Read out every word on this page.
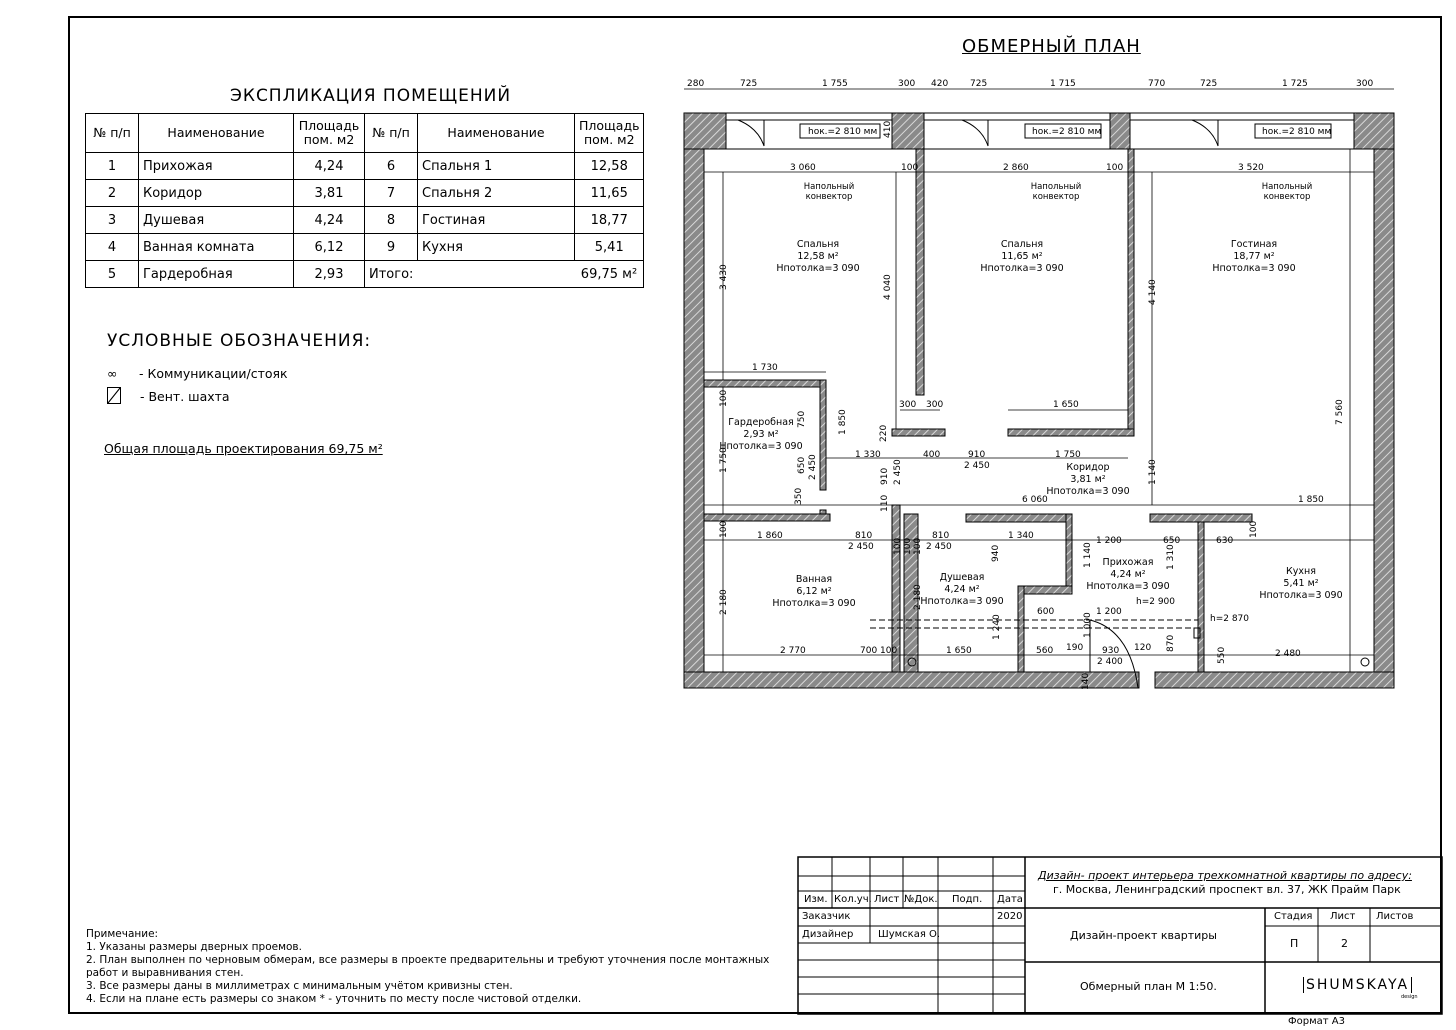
ОБМЕРНЫЙ ПЛАН
ЭКСПЛИКАЦИЯ ПОМЕЩЕНИЙ
№ п/п	Наименование	Площадь
пом. м2	№ п/п	Наименование	Площадь
пом. м2
1	Прихожая	4,24	6	Спальня 1	12,58
2	Коридор	3,81	7	Спальня 2	11,65
3	Душевая	4,24	8	Гостиная	18,77
4	Ванная комната	6,12	9	Кухня	5,41
5	Гардеробная	2,93	Итого:		69,75 м²
УСЛОВНЫЕ ОБОЗНАЧЕНИЯ:
∞ - Коммуникации/стояк
- Вент. шахта
Общая площадь проектирования 69,75 м²
Примечание:
1. Указаны размеры дверных проемов.
2. План выполнен по черновым обмерам, все размеры в проекте предварительны и требуют уточнения после монтажных
работ и выравнивания стен.
3. Все размеры даны в миллиметрах с минимальным учётом кривизны стен.
4. Если на плане есть размеры со знаком * - уточнить по месту после чистовой отделки.
280	725	1 755	300 420 725	1 715	770	725	1 725	300
3 060	100	2 860	100	3 520
3 430	4 040	4 140
7 560
1 730
300 300	1 650
1 850	220
1 330	400	910
2 450
1 750
6 060	1 850
1 140
750
1 750	650 2 450
350
910 2 450
110
100	1 860	810
2 450
810
2 450
100 100 100
1 340	1 200	650	630
100
940	1 140	1 310
2 180	2 180
600	1 200
h=2 900
h=2 870
1 240	1 000
120
2 770	700 100	1 650	560 190 930
2 400
870
550	2 480
140
410
100
hок.=2 810 мм	hок.=2 810 мм	hок.=2 810 мм
Напольный
конвектор
Напольный
конвектор
Напольный
конвектор
Спальня
12,58 м²
Hпотолка=3 090
Спальня
11,65 м²
Hпотолка=3 090
Гостиная
18,77 м²
Hпотолка=3 090
Гардеробная
2,93 м²
Hпотолка=3 090
Коридор
3,81 м²
Hпотолка=3 090
Ванная
6,12 м²
Hпотолка=3 090
Душевая
4,24 м²
Hпотолка=3 090
Прихожая
4,24 м²
Hпотолка=3 090
Кухня
5,41 м²
Hпотолка=3 090
Изм. Кол.уч. Лист №Док. Подп. Дата
Заказчик	2020
Дизайнер Шумская О.
Дизайн- проект интерьера трехкомнатной квартиры по адресу:
г. Москва, Ленинградский проспект вл. 37, ЖК Прайм Парк
Дизайн-проект квартиры
Обмерный план М 1:50.
Стадия Лист Листов
П	2
SHUMSKAYA
design
Формат А3
